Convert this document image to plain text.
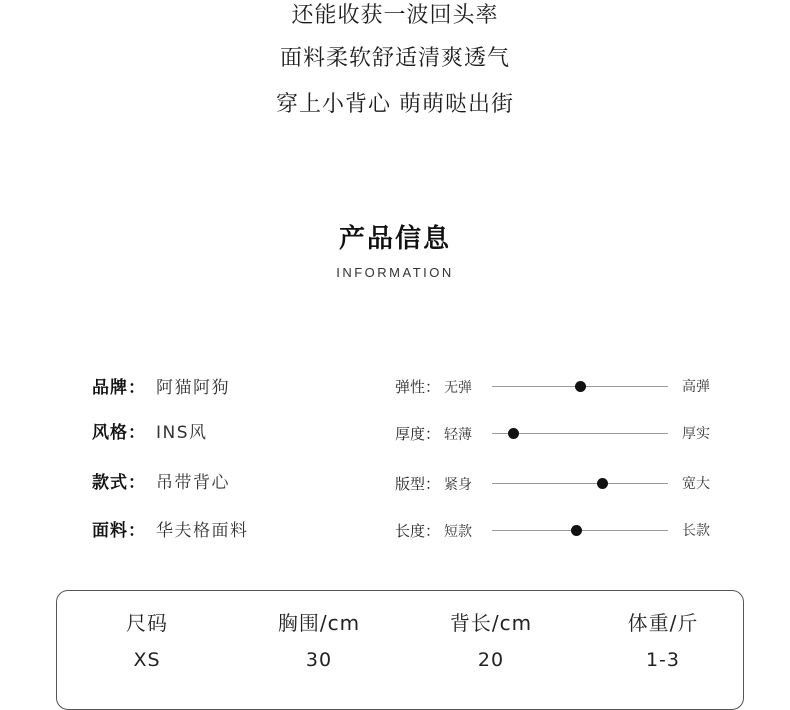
还能收获一波回头率
面料柔软舒适清爽透气
穿上小背心 萌萌哒出街
产品信息
INFORMATION
品牌： 阿猫阿狗
风格： INS风
款式： 吊带背心
面料： 华夫格面料
弹性： 无弹	高弹
厚度： 轻薄	厚实
版型： 紧身	宽大
长度： 短款	长款
尺码	胸围/cm	背长/cm	体重/斤
XS	30	20	1-3
